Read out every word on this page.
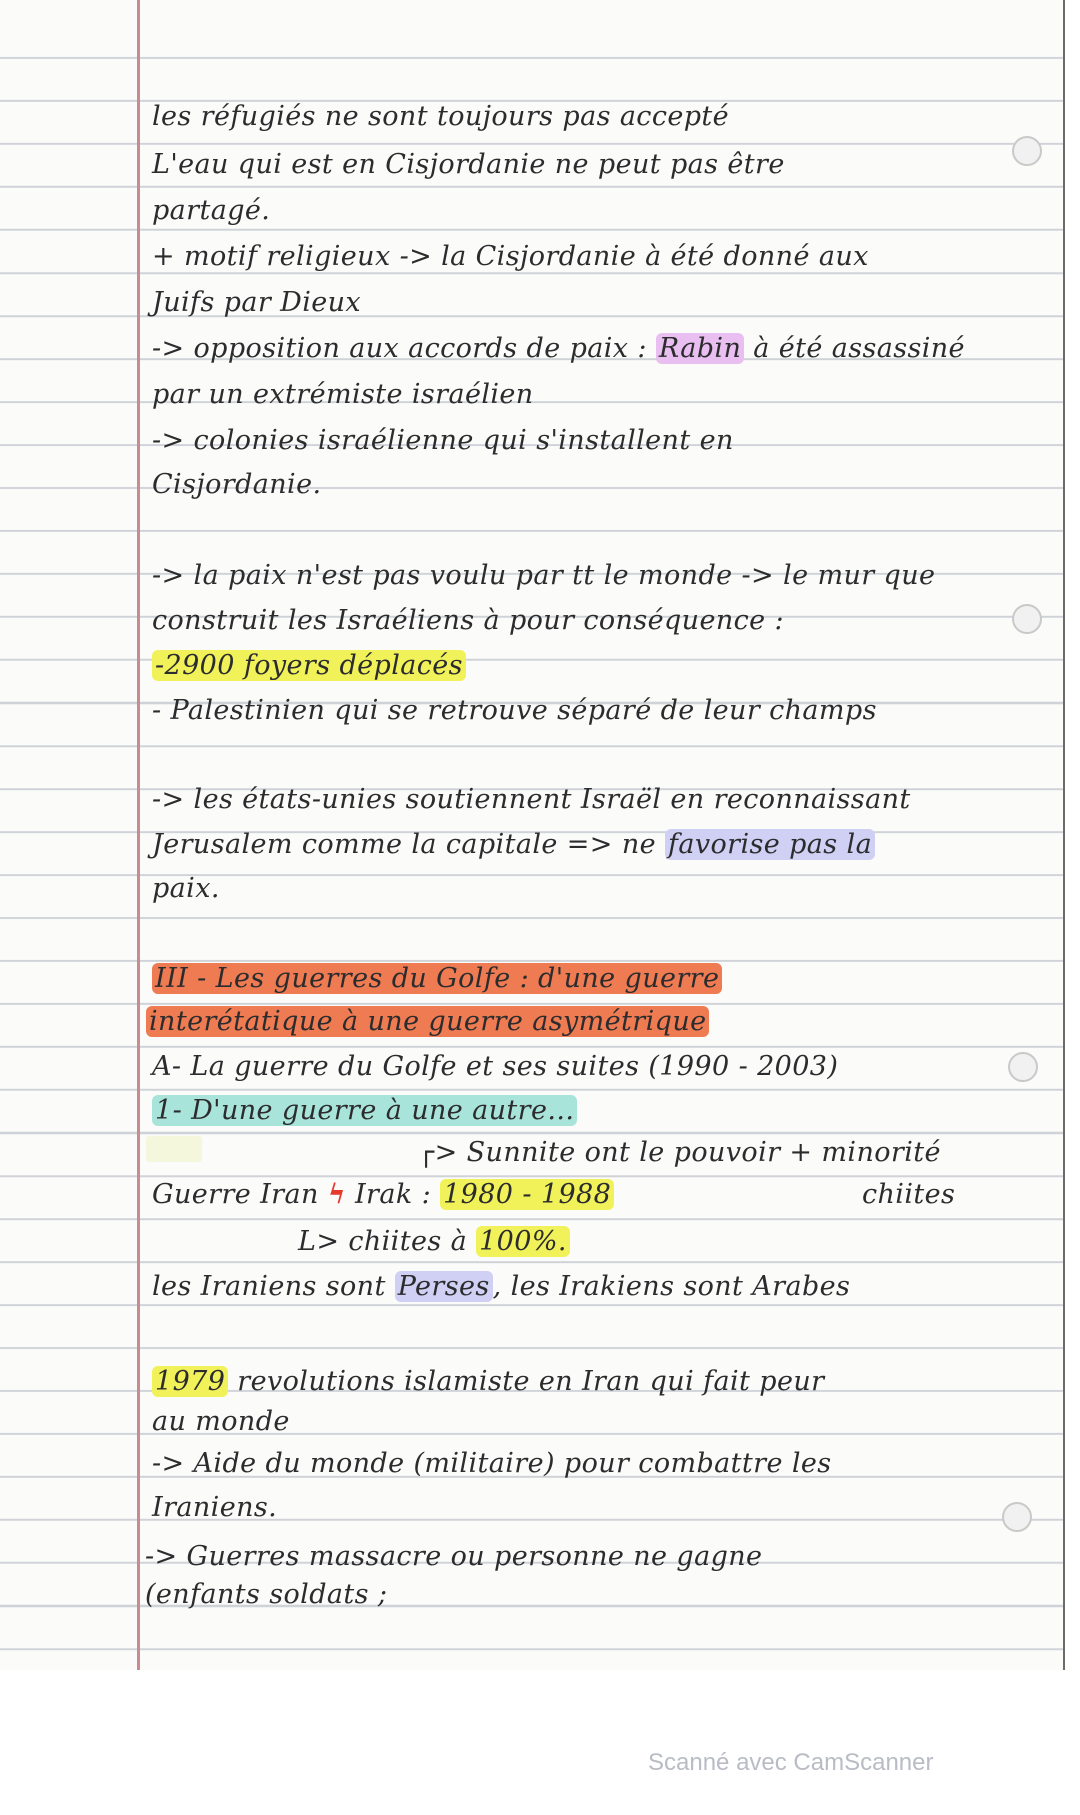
les réfugiés ne sont toujours pas accepté
L'eau qui est en Cisjordanie ne peut pas être
partagé.
+ motif religieux -> la Cisjordanie à été donné aux
Juifs par Dieux
-> opposition aux accords de paix : Rabin à été assassiné
par un extrémiste israélien
-> colonies israélienne qui s'installent en
Cisjordanie.
-> la paix n'est pas voulu par tt le monde -> le mur que
construit les Israéliens à pour conséquence :
-2900 foyers déplacés
- Palestinien qui se retrouve séparé de leur champs
-> les états-unies soutiennent Israël en reconnaissant
Jerusalem comme la capitale => ne favorise pas la
paix.
III - Les guerres du Golfe : d'une guerre
interétatique à une guerre asymétrique
A- La guerre du Golfe et ses suites (1990 - 2003)
1- D'une guerre à une autre...
┌> Sunnite ont le pouvoir + minorité
Guerre Iran ϟ Irak : 1980 - 1988	chiites
L> chiites à 100%.
les Iraniens sont Perses , les Irakiens sont Arabes
1979 revolutions islamiste en Iran qui fait peur
au monde
-> Aide du monde (militaire) pour combattre les
Iraniens.
-> Guerres massacre ou personne ne gagne
(enfants soldats ;
Scanné avec CamScanner
